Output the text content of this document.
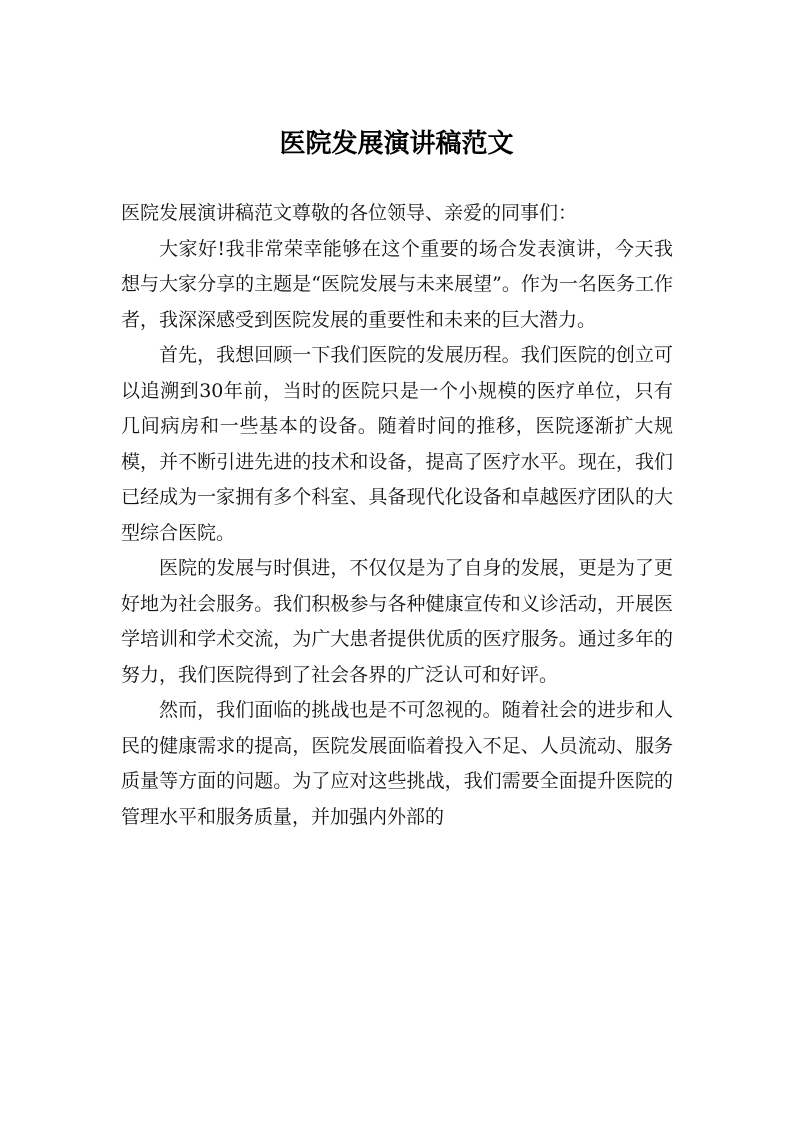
医院发展演讲稿范文

医院发展演讲稿范文尊敬的各位领导、亲爱的同事们：

大家好!我非常荣幸能够在这个重要的场合发表演讲，今天我想与大家分享的主题是“医院发展与未来展望”。作为一名医务工作者，我深深感受到医院发展的重要性和未来的巨大潜力。

首先，我想回顾一下我们医院的发展历程。我们医院的创立可以追溯到30年前，当时的医院只是一个小规模的医疗单位，只有几间病房和一些基本的设备。随着时间的推移，医院逐渐扩大规模，并不断引进先进的技术和设备，提高了医疗水平。现在，我们已经成为一家拥有多个科室、具备现代化设备和卓越医疗团队的大型综合医院。

医院的发展与时俱进，不仅仅是为了自身的发展，更是为了更好地为社会服务。我们积极参与各种健康宣传和义诊活动，开展医学培训和学术交流，为广大患者提供优质的医疗服务。通过多年的努力，我们医院得到了社会各界的广泛认可和好评。

然而，我们面临的挑战也是不可忽视的。随着社会的进步和人民的健康需求的提高，医院发展面临着投入不足、人员流动、服务质量等方面的问题。为了应对这些挑战，我们需要全面提升医院的管理水平和服务质量，并加强内外部的
